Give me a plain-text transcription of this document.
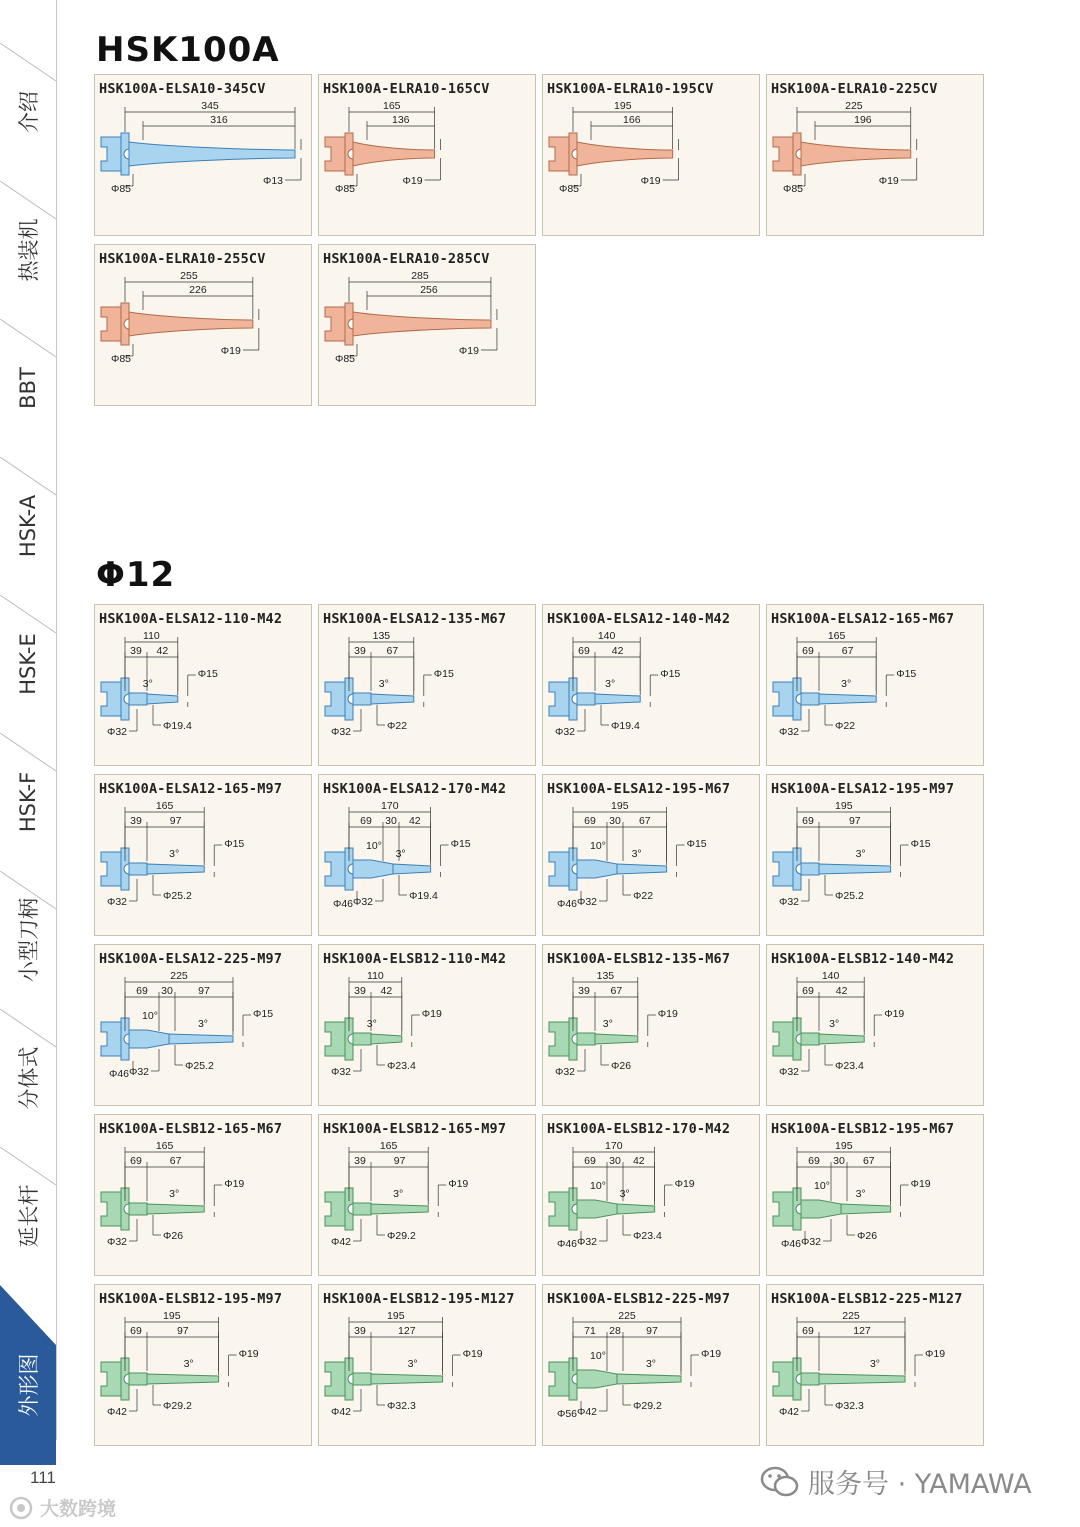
介绍
热装机
BBT
HSK-A
HSK-E
HSK-F
小型刀柄
分体式
延长杆
外形图
HSK100A
HSK100A-ELSA10-345CV
345
316
Φ13
Φ85
HSK100A-ELRA10-165CV
165
136
Φ19
Φ85
HSK100A-ELRA10-195CV
195
166
Φ19
Φ85
HSK100A-ELRA10-225CV
225
196
Φ19
Φ85
HSK100A-ELRA10-255CV
255
226
Φ19
Φ85
HSK100A-ELRA10-285CV
285
256
Φ19
Φ85
Φ12
HSK100A-ELSA12-110-M42
110
39 42
3°
Φ15
Φ19.4
Φ32
HSK100A-ELSA12-135-M67
135
39 67
3°
Φ15
Φ22
Φ32
HSK100A-ELSA12-140-M42
140
69 42
3°
Φ15
Φ19.4
Φ32
HSK100A-ELSA12-165-M67
165
69	67
3°
Φ15
Φ22
Φ32
HSK100A-ELSA12-165-M97
165
39	97
3°
Φ15
Φ25.2
Φ32
HSK100A-ELSA12-170-M42
170
69 30 42
10°
3°
Φ15
Φ19.4
Φ32
Φ46
HSK100A-ELSA12-195-M67
195
69 30 67
10°
3°
Φ15
Φ22
Φ32
Φ46
HSK100A-ELSA12-195-M97
195
69	97
3°
Φ15
Φ25.2
Φ32
HSK100A-ELSA12-225-M97
225
69 30 97
10°
3°
Φ15
Φ25.2
Φ32
Φ46
HSK100A-ELSB12-110-M42
110
39 42
3°
Φ19
Φ23.4
Φ32
HSK100A-ELSB12-135-M67
135
39 67
3°
Φ19
Φ26
Φ32
HSK100A-ELSB12-140-M42
140
69 42
3°
Φ19
Φ23.4
Φ32
HSK100A-ELSB12-165-M67
165
69	67
3°
Φ19
Φ26
Φ32
HSK100A-ELSB12-165-M97
165
39	97
3°
Φ19
Φ29.2
Φ42
HSK100A-ELSB12-170-M42
170
69 30 42
10°
3°
Φ19
Φ23.4
Φ32
Φ46
HSK100A-ELSB12-195-M67
195
69 30 67
10°
3°
Φ19
Φ26
Φ32
Φ46
HSK100A-ELSB12-195-M97
195
69	97
3°
Φ19
Φ29.2
Φ42
HSK100A-ELSB12-195-M127
195
39	127
3°
Φ19
Φ32.3
Φ42
HSK100A-ELSB12-225-M97
225
71 28 97
10°
3°
Φ19
Φ29.2
Φ42
Φ56
HSK100A-ELSB12-225-M127
225
69	127
3°
Φ19
Φ32.3
Φ42
111	服务号 · YAMAWA
大数跨境
